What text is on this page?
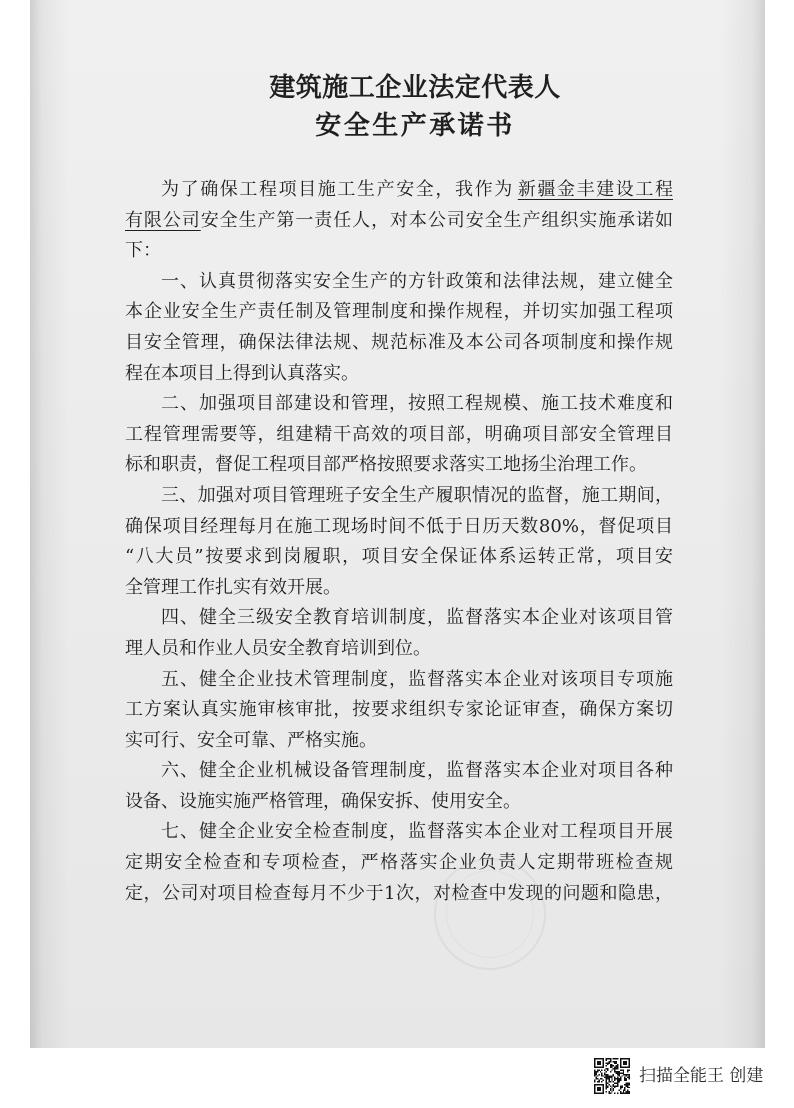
建筑施工企业法定代表人
安全生产承诺书
为了确保工程项目施工生产安全，我作为 新疆金丰建设工程
有限公司安全生产第一责任人，对本公司安全生产组织实施承诺如
下：
一、认真贯彻落实安全生产的方针政策和法律法规，建立健全
本企业安全生产责任制及管理制度和操作规程，并切实加强工程项
目安全管理，确保法律法规、规范标准及本公司各项制度和操作规
程在本项目上得到认真落实。
二、加强项目部建设和管理，按照工程规模、施工技术难度和
工程管理需要等，组建精干高效的项目部，明确项目部安全管理目
标和职责，督促工程项目部严格按照要求落实工地扬尘治理工作。
三、加强对项目管理班子安全生产履职情况的监督，施工期间，
确保项目经理每月在施工现场时间不低于日历天数80%，督促项目
“八大员”按要求到岗履职，项目安全保证体系运转正常，项目安
全管理工作扎实有效开展。
四、健全三级安全教育培训制度，监督落实本企业对该项目管
理人员和作业人员安全教育培训到位。
五、健全企业技术管理制度，监督落实本企业对该项目专项施
工方案认真实施审核审批，按要求组织专家论证审查，确保方案切
实可行、安全可靠、严格实施。
六、健全企业机械设备管理制度，监督落实本企业对项目各种
设备、设施实施严格管理，确保安拆、使用安全。
七、健全企业安全检查制度，监督落实本企业对工程项目开展
定期安全检查和专项检查，严格落实企业负责人定期带班检查规
定，公司对项目检查每月不少于1次，对检查中发现的问题和隐患，
扫描全能王 创建
